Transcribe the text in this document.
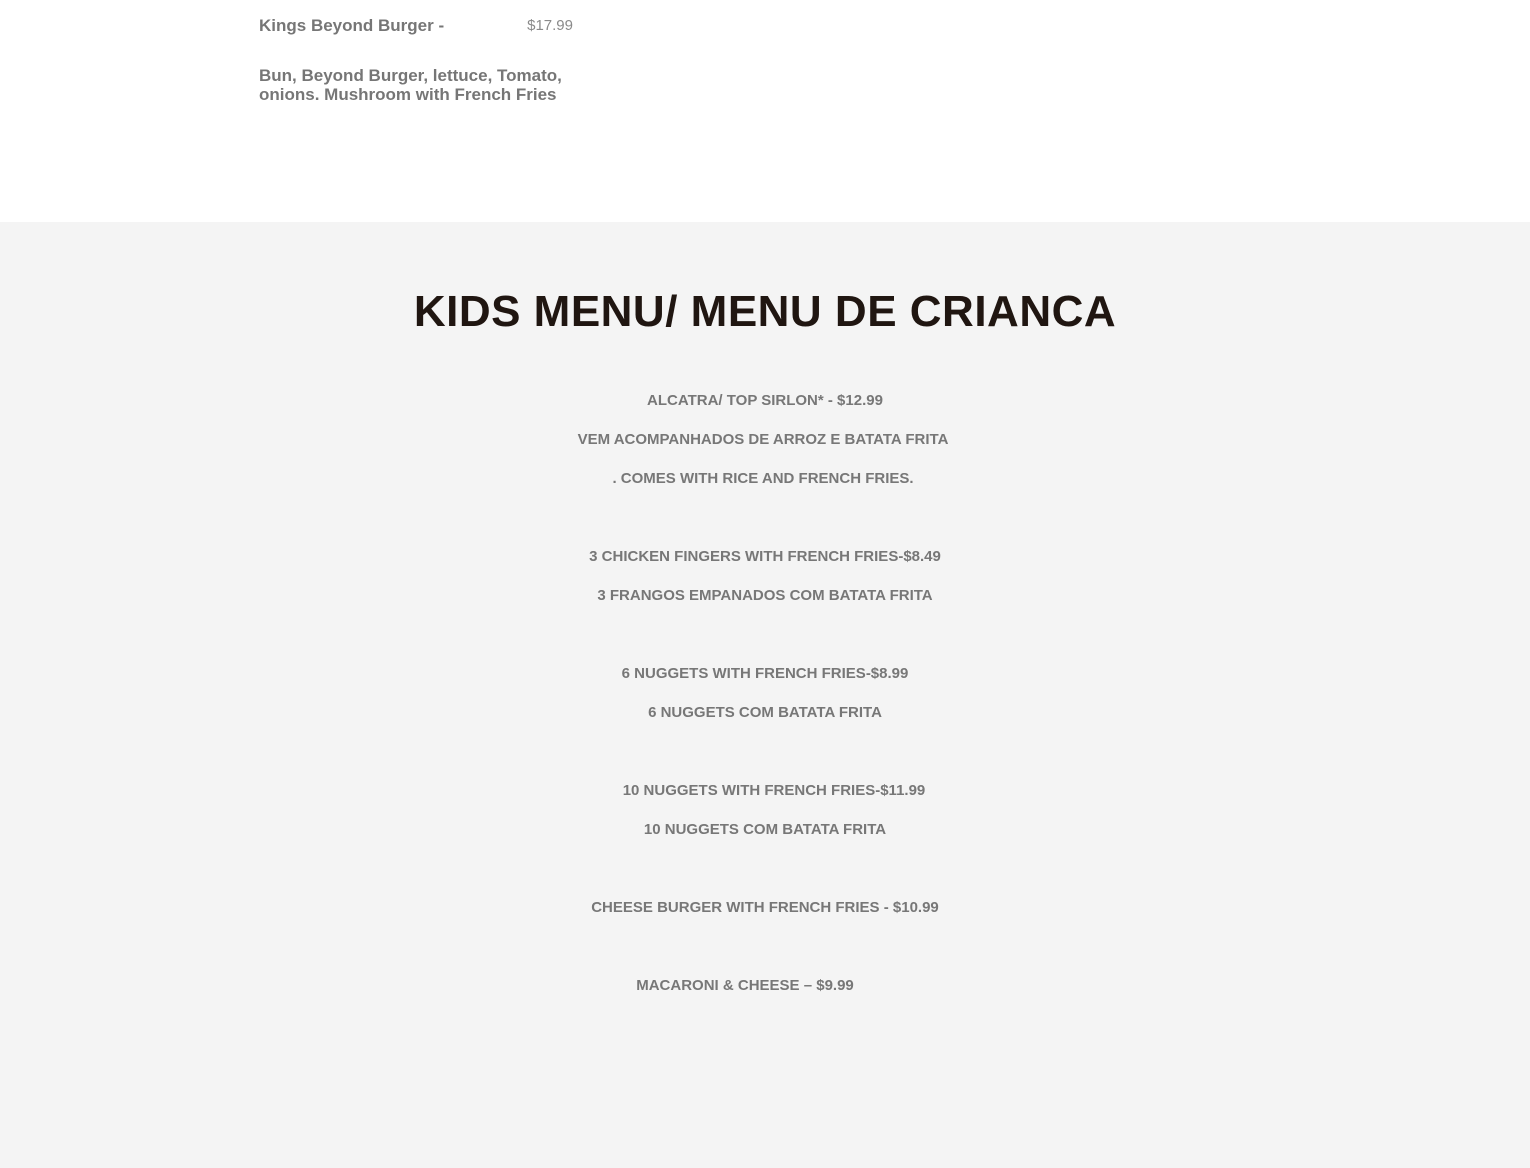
Kings Beyond Burger -	$17.99
Bun, Beyond Burger, lettuce, Tomato, onions. Mushroom with French Fries
KIDS MENU/ MENU DE CRIANCA
ALCATRA/ TOP SIRLON* - $12.99
VEM ACOMPANHADOS DE ARROZ E BATATA FRITA
. COMES WITH RICE AND FRENCH FRIES.
3 CHICKEN FINGERS WITH FRENCH FRIES-$8.49
3 FRANGOS EMPANADOS COM BATATA FRITA
6 NUGGETS WITH FRENCH FRIES-$8.99
6 NUGGETS COM BATATA FRITA
10 NUGGETS WITH FRENCH FRIES-$11.99
10 NUGGETS COM BATATA FRITA
CHEESE BURGER WITH FRENCH FRIES - $10.99
MACARONI & CHEESE – $9.99
